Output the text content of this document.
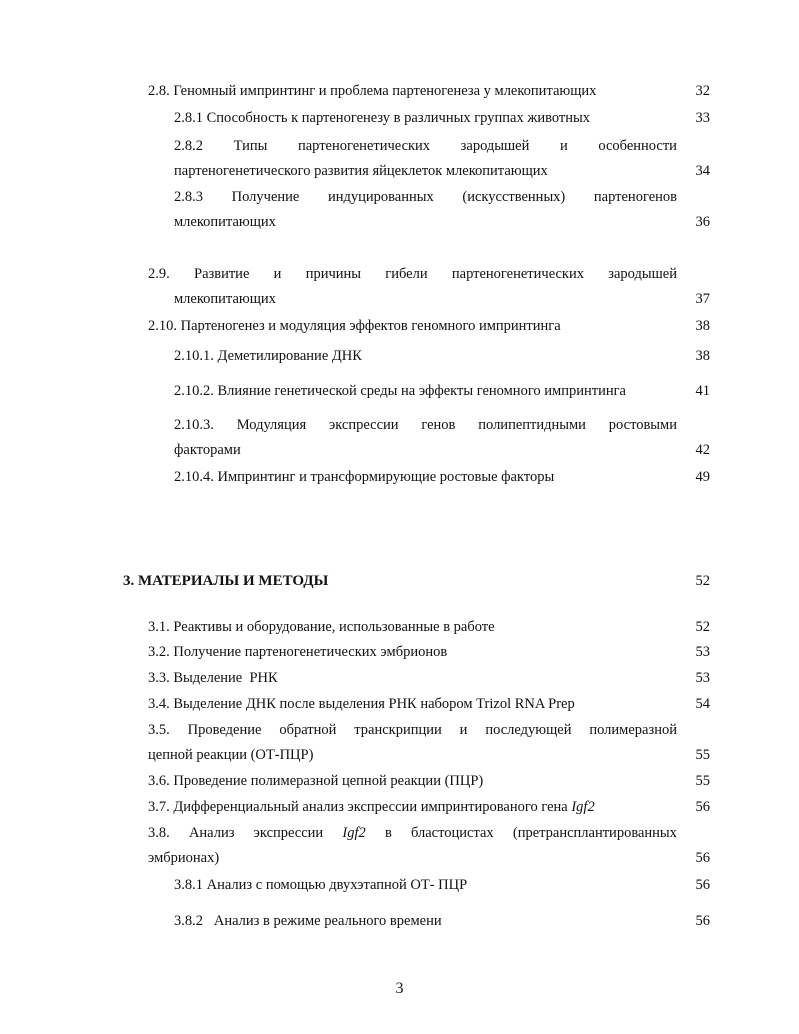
2.8. Геномный импринтинг и проблема партеногенеза у млекопитающих	32
2.8.1 Способность к партеногенезу в различных группах животных	33
2.8.2 Типы партеногенетических зародышей и особенности
партеногенетического развития яйцеклеток млекопитающих	34
2.8.3 Получение индуцированных (искусственных) партеногенов
млекопитающих	36
2.9. Развитие и причины гибели партеногенетических зародышей
млекопитающих	37
2.10. Партеногенез и модуляция эффектов геномного импринтинга	38
2.10.1. Деметилирование ДНК	38
2.10.2. Влияние генетической среды на эффекты геномного импринтинга	41
2.10.3. Модуляция экспрессии генов полипептидными ростовыми
факторами	42
2.10.4. Импринтинг и трансформирующие ростовые факторы	49
3. МАТЕРИАЛЫ И МЕТОДЫ	52
3.1. Реактивы и оборудование, использованные в работе	52
3.2. Получение партеногенетических эмбрионов	53
3.3. Выделение  РНК	53
3.4. Выделение ДНК после выделения РНК набором Trizol RNA Prep	54
3.5. Проведение обратной транскрипции и последующей полимеразной
цепной реакции (ОТ-ПЦР)	55
3.6. Проведение полимеразной цепной реакции (ПЦР)	55
3.7. Дифференциальный анализ экспрессии импринтированого гена Igf2	56
3.8. Анализ экспрессии Igf2 в бластоцистах (претрансплантированных
эмбрионах)	56
3.8.1 Анализ с помощью двухэтапной ОТ- ПЦР	56
3.8.2   Анализ в режиме реального времени	56
3
